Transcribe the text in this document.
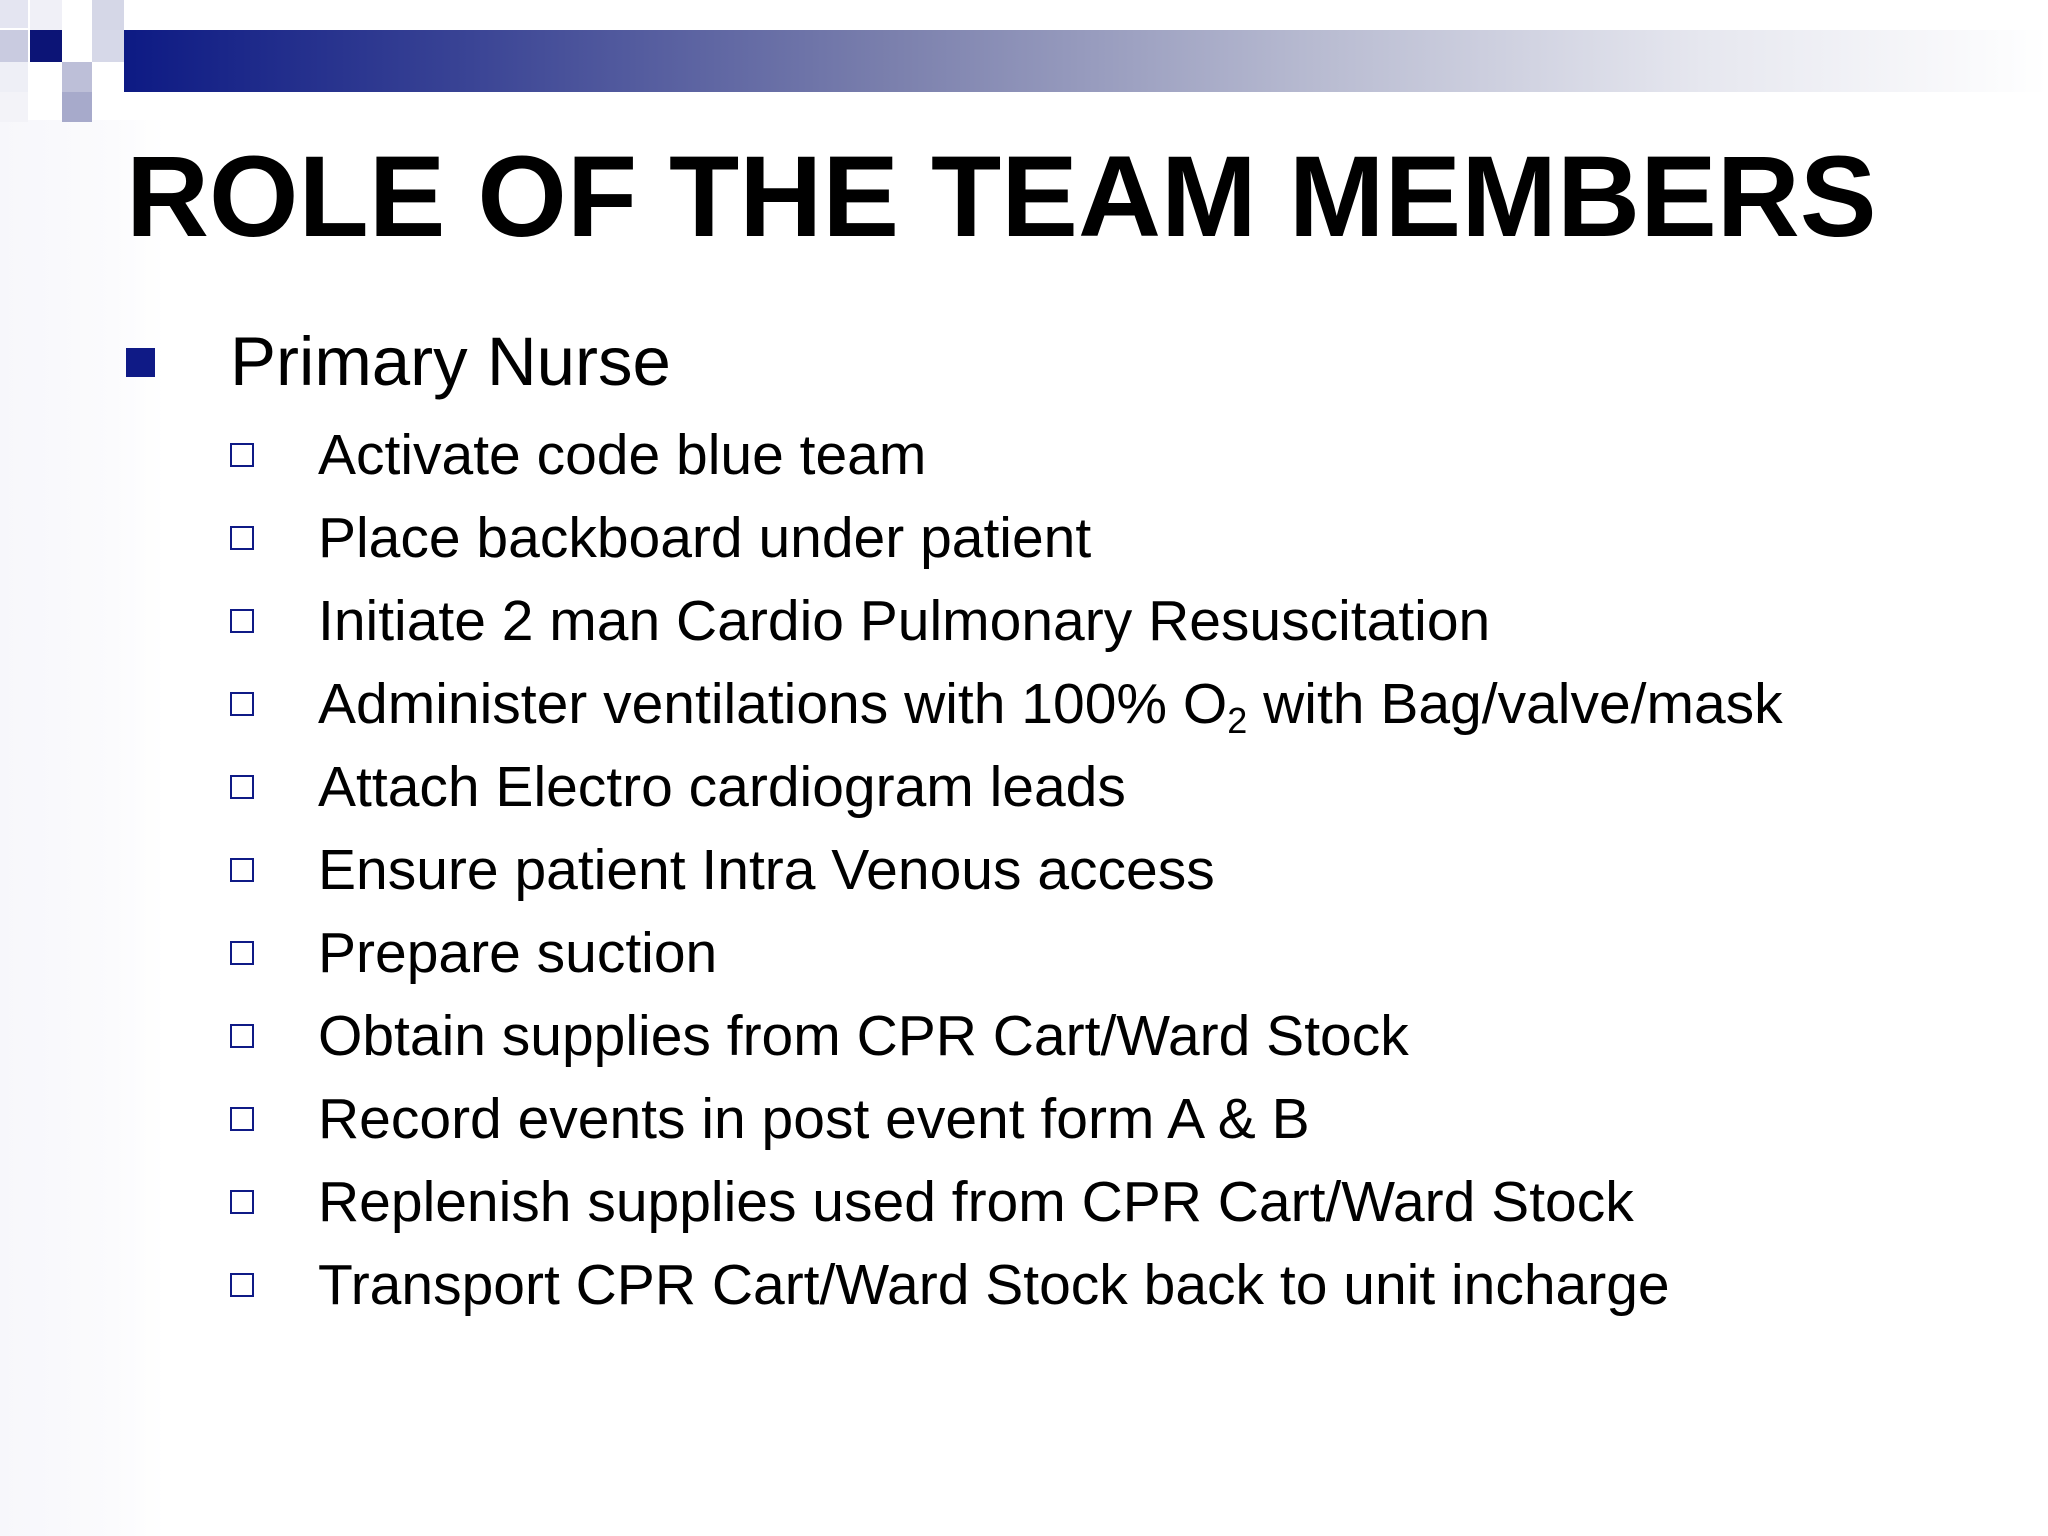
ROLE OF THE TEAM MEMBERS
Primary Nurse
Activate code blue team
Place backboard under patient
Initiate 2 man Cardio Pulmonary Resuscitation
Administer ventilations with 100% $O_2$ with Bag/valve/mask
Attach Electro cardiogram leads
Ensure patient Intra Venous access
Prepare suction
Obtain supplies from CPR Cart/Ward Stock
Record events in post event form A & B
Replenish supplies used from CPR Cart/Ward Stock
Transport CPR Cart/Ward Stock back to unit incharge
